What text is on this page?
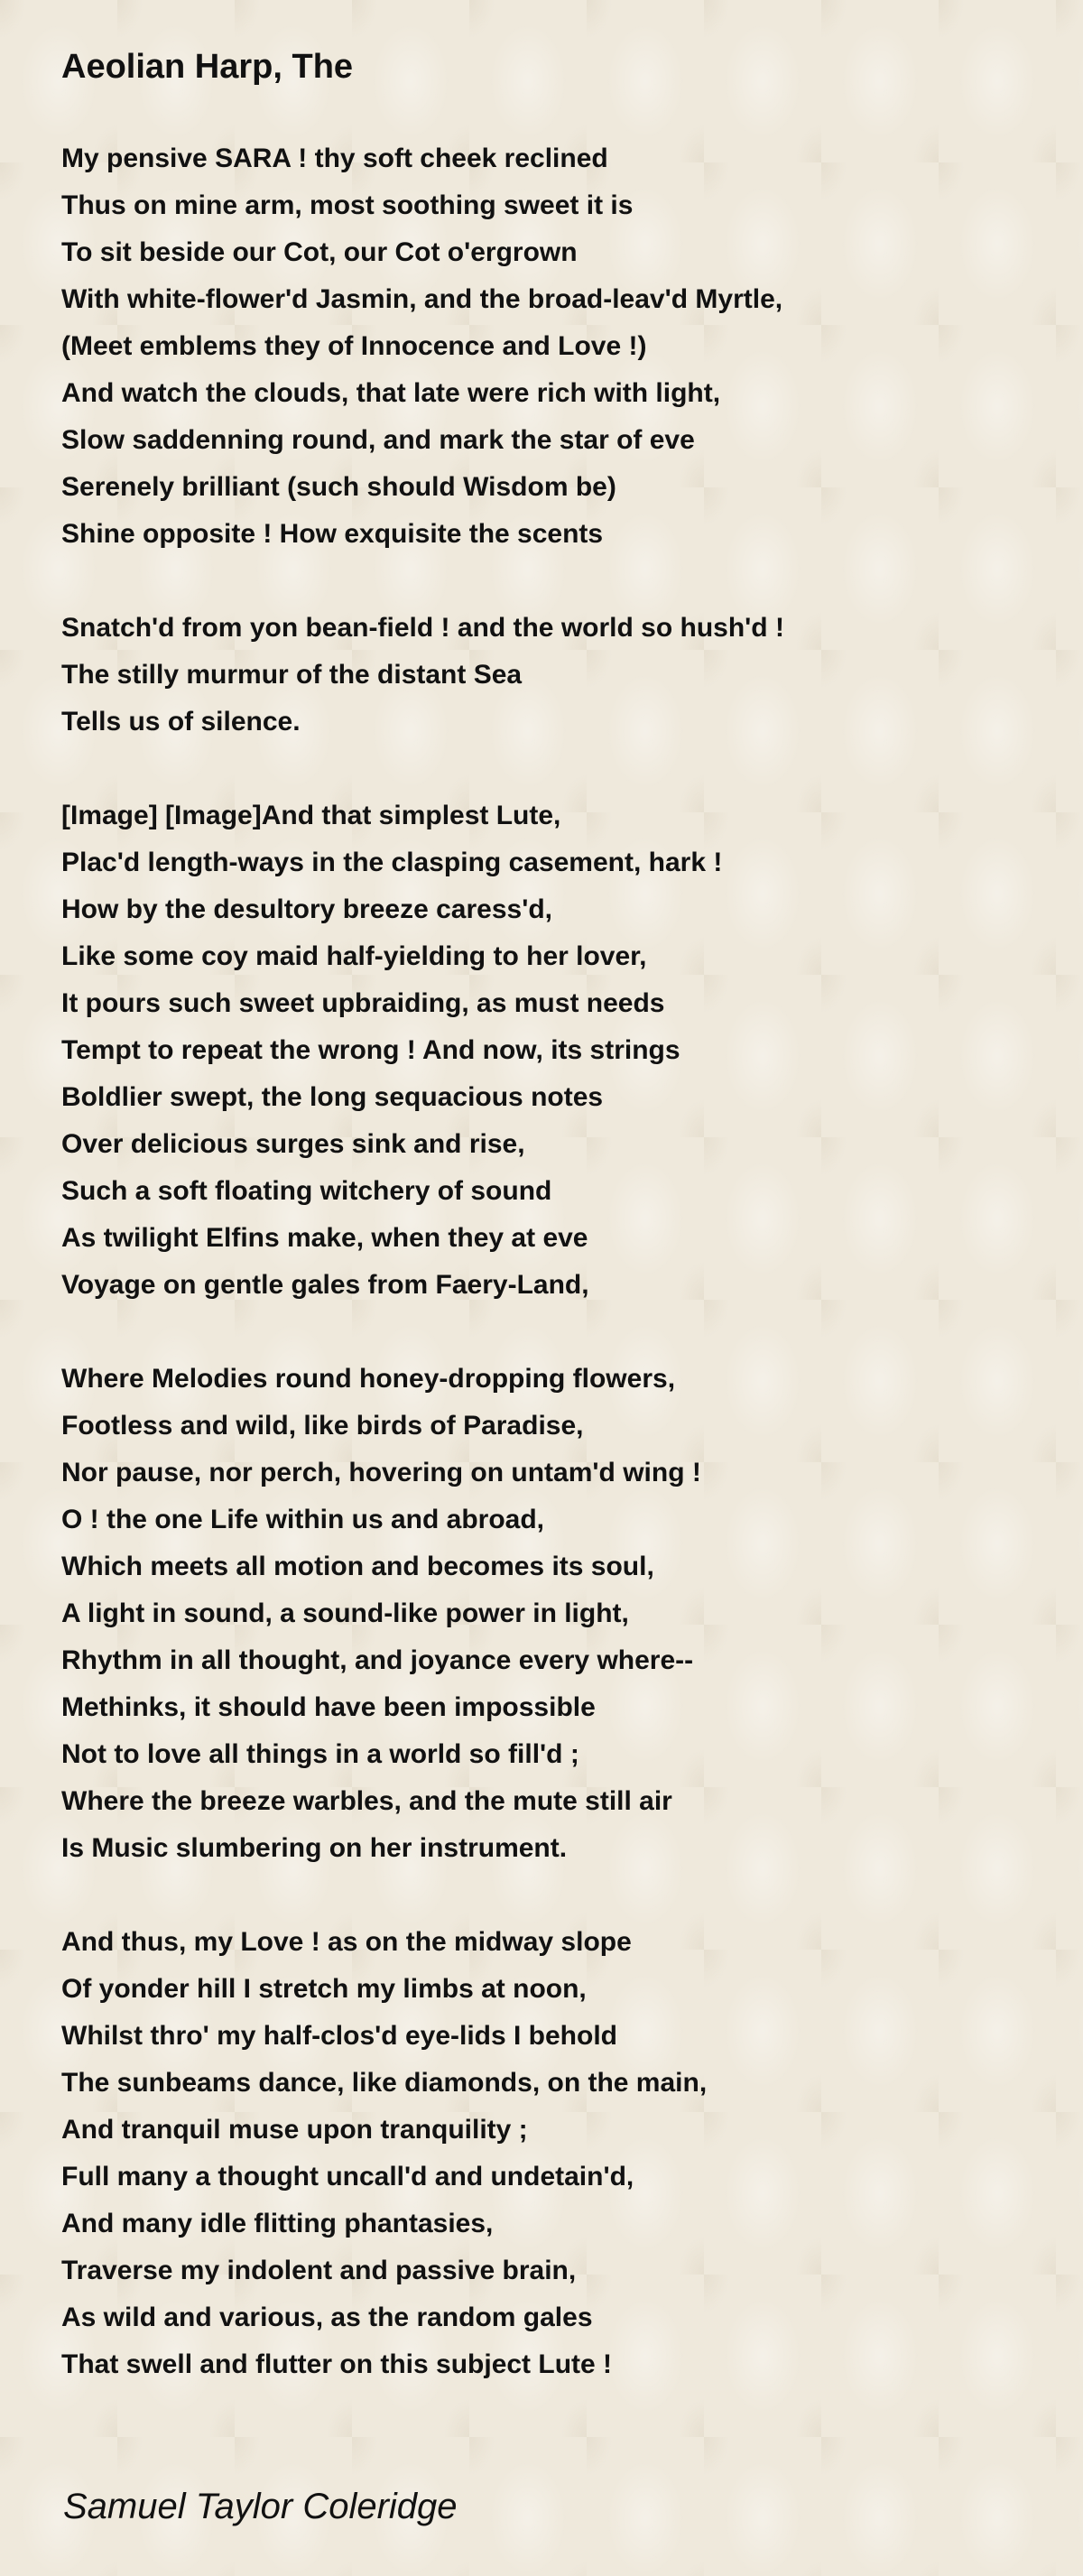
Aeolian Harp, The
My pensive SARA ! thy soft cheek reclined
Thus on mine arm, most soothing sweet it is
To sit beside our Cot, our Cot o'ergrown
With white-flower'd Jasmin, and the broad-leav'd Myrtle,
(Meet emblems they of Innocence and Love !)
And watch the clouds, that late were rich with light,
Slow saddenning round, and mark the star of eve
Serenely brilliant (such should Wisdom be)
Shine opposite ! How exquisite the scents
Snatch'd from yon bean-field ! and the world so hush'd !
The stilly murmur of the distant Sea
Tells us of silence.
[Image] [Image]And that simplest Lute,
Plac'd length-ways in the clasping casement, hark !
How by the desultory breeze caress'd,
Like some coy maid half-yielding to her lover,
It pours such sweet upbraiding, as must needs
Tempt to repeat the wrong ! And now, its strings
Boldlier swept, the long sequacious notes
Over delicious surges sink and rise,
Such a soft floating witchery of sound
As twilight Elfins make, when they at eve
Voyage on gentle gales from Faery-Land,
Where Melodies round honey-dropping flowers,
Footless and wild, like birds of Paradise,
Nor pause, nor perch, hovering on untam'd wing !
O ! the one Life within us and abroad,
Which meets all motion and becomes its soul,
A light in sound, a sound-like power in light,
Rhythm in all thought, and joyance every where--
Methinks, it should have been impossible
Not to love all things in a world so fill'd ;
Where the breeze warbles, and the mute still air
Is Music slumbering on her instrument.
And thus, my Love ! as on the midway slope
Of yonder hill I stretch my limbs at noon,
Whilst thro' my half-clos'd eye-lids I behold
The sunbeams dance, like diamonds, on the main,
And tranquil muse upon tranquility ;
Full many a thought uncall'd and undetain'd,
And many idle flitting phantasies,
Traverse my indolent and passive brain,
As wild and various, as the random gales
That swell and flutter on this subject Lute !
Samuel Taylor Coleridge
